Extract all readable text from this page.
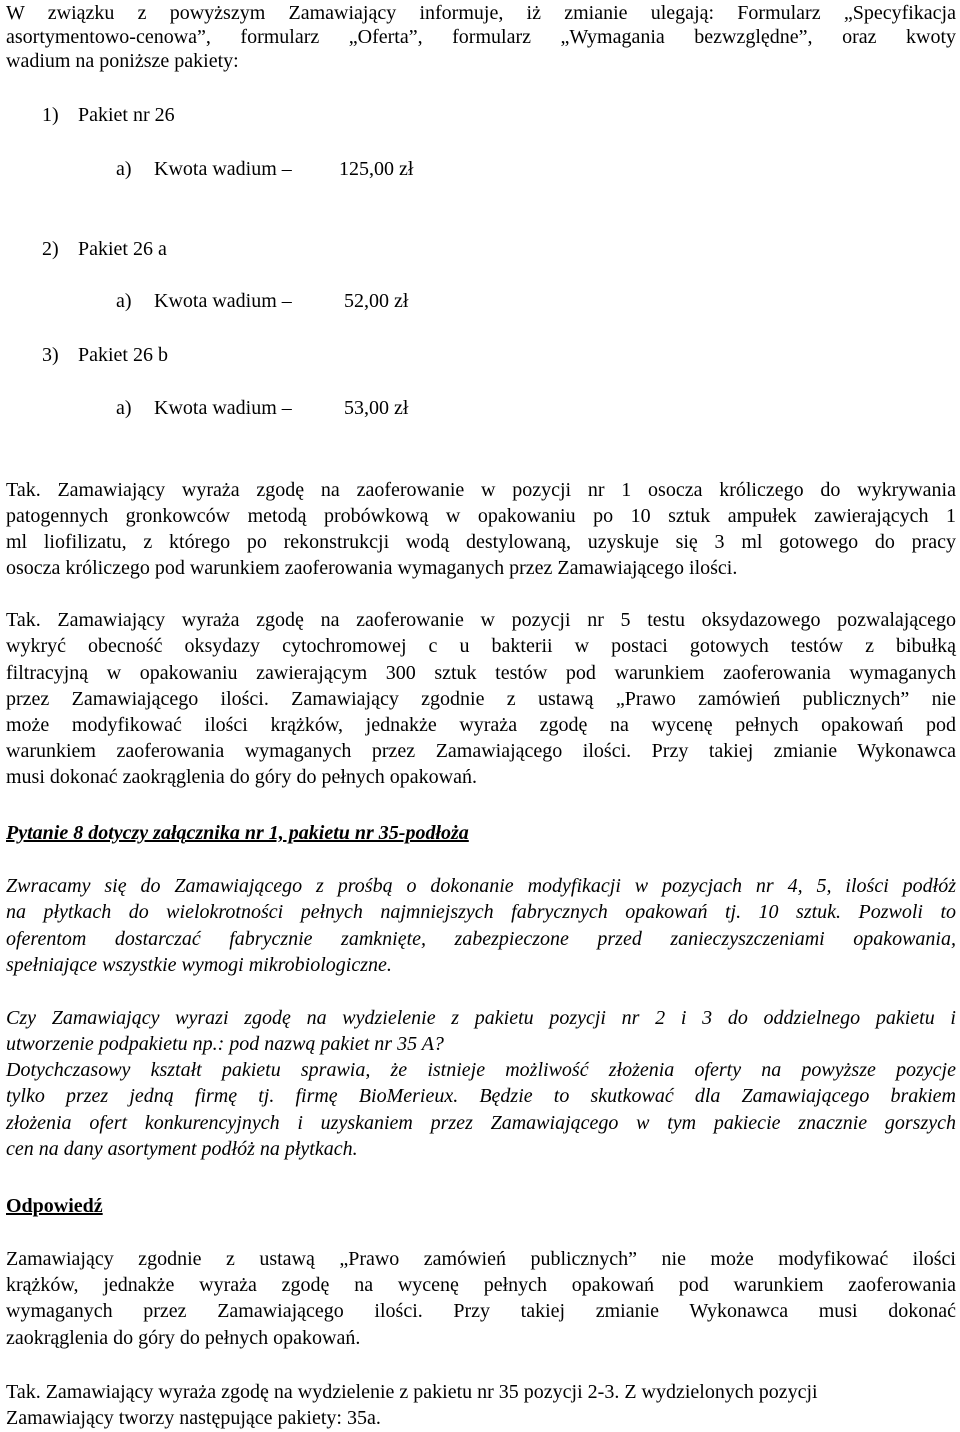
W związku z powyższym Zamawiający informuje, iż zmianie ulegają: Formularz „Specyfikacja
asortymentowo-cenowa”, formularz „Oferta”, formularz „Wymagania bezwzględne”, oraz kwoty
wadium na poniższe pakiety:
1) Pakiet nr 26
a) Kwota wadium – 125,00 zł
2) Pakiet 26 a
a) Kwota wadium –	52,00 zł
3) Pakiet 26 b
a) Kwota wadium –	53,00 zł
Tak. Zamawiający wyraża zgodę na zaoferowanie w pozycji nr 1 osocza króliczego do wykrywania
patogennych gronkowców metodą probówkową w opakowaniu po 10 sztuk ampułek zawierających 1
ml liofilizatu, z którego po rekonstrukcji wodą destylowaną, uzyskuje się 3 ml gotowego do pracy
osocza króliczego pod warunkiem zaoferowania wymaganych przez Zamawiającego ilości.
Tak. Zamawiający wyraża zgodę na zaoferowanie w pozycji nr 5 testu oksydazowego pozwalającego
wykryć obecność oksydazy cytochromowej c u bakterii w postaci gotowych testów z bibułką
filtracyjną w opakowaniu zawierającym 300 sztuk testów pod warunkiem zaoferowania wymaganych
przez Zamawiającego ilości. Zamawiający zgodnie z ustawą „Prawo zamówień publicznych” nie
może modyfikować ilości krążków, jednakże wyraża zgodę na wycenę pełnych opakowań pod
warunkiem zaoferowania wymaganych przez Zamawiającego ilości. Przy takiej zmianie Wykonawca
musi dokonać zaokrąglenia do góry do pełnych opakowań.
Pytanie 8 dotyczy załącznika nr 1, pakietu nr 35-podłoża
Zwracamy się do Zamawiającego z prośbą o dokonanie modyfikacji w pozycjach nr 4, 5, ilości podłóż
na płytkach do wielokrotności pełnych najmniejszych fabrycznych opakowań tj. 10 sztuk. Pozwoli to
oferentom dostarczać fabrycznie zamknięte, zabezpieczone przed zanieczyszczeniami opakowania,
spełniające wszystkie wymogi mikrobiologiczne.
Czy Zamawiający wyrazi zgodę na wydzielenie z pakietu pozycji nr 2 i 3 do oddzielnego pakietu i
utworzenie podpakietu np.: pod nazwą pakiet nr 35 A?
Dotychczasowy kształt pakietu sprawia, że istnieje możliwość złożenia oferty na powyższe pozycje
tylko przez jedną firmę tj. firmę BioMerieux. Będzie to skutkować dla Zamawiającego brakiem
złożenia ofert konkurencyjnych i uzyskaniem przez Zamawiającego w tym pakiecie znacznie gorszych
cen na dany asortyment podłóż na płytkach.
Odpowiedź
Zamawiający zgodnie z ustawą „Prawo zamówień publicznych” nie może modyfikować ilości
krążków, jednakże wyraża zgodę na wycenę pełnych opakowań pod warunkiem zaoferowania
wymaganych przez Zamawiającego ilości. Przy takiej zmianie Wykonawca musi dokonać
zaokrąglenia do góry do pełnych opakowań.
Tak. Zamawiający wyraża zgodę na wydzielenie z pakietu nr 35 pozycji 2-3. Z wydzielonych pozycji
Zamawiający tworzy następujące pakiety: 35a.
